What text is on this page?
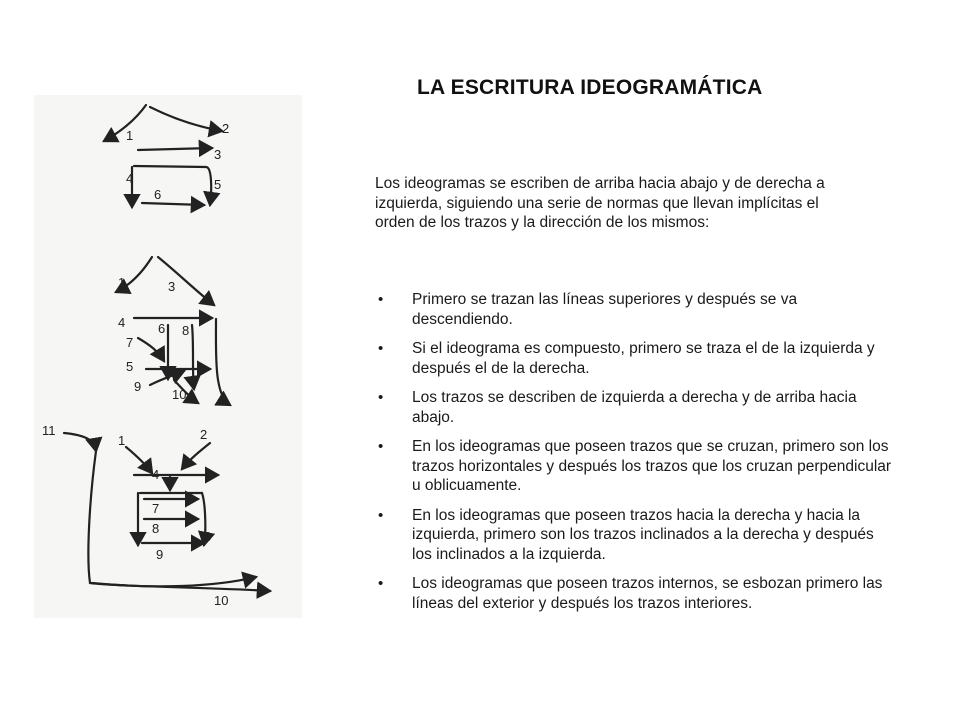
1	2
3
4	5
6
1	3
4	6 8
7
5
9
10
11
1	2
4
7
8
6
9
10
LA ESCRITURA IDEOGRAMÁTICA

Los ideogramas se escriben de arriba hacia abajo y de derecha a izquierda, siguiendo una serie de normas que llevan implícitas el orden de los trazos y la dirección de los mismos:

• Primero se trazan las líneas superiores y después se va descendiendo.
• Si el ideograma es compuesto, primero se traza el de la izquierda y después el de la derecha.
• Los trazos se describen de izquierda a derecha y de arriba hacia abajo.
• En los ideogramas que poseen trazos que se cruzan, primero son los trazos horizontales y después los trazos que los cruzan perpendicular u oblicuamente.
• En los ideogramas que poseen trazos hacia la derecha y hacia la izquierda, primero son los trazos inclinados a la derecha y después los inclinados a la izquierda.
• Los ideogramas que poseen trazos internos, se esbozan primero las líneas del exterior y después los trazos interiores.
